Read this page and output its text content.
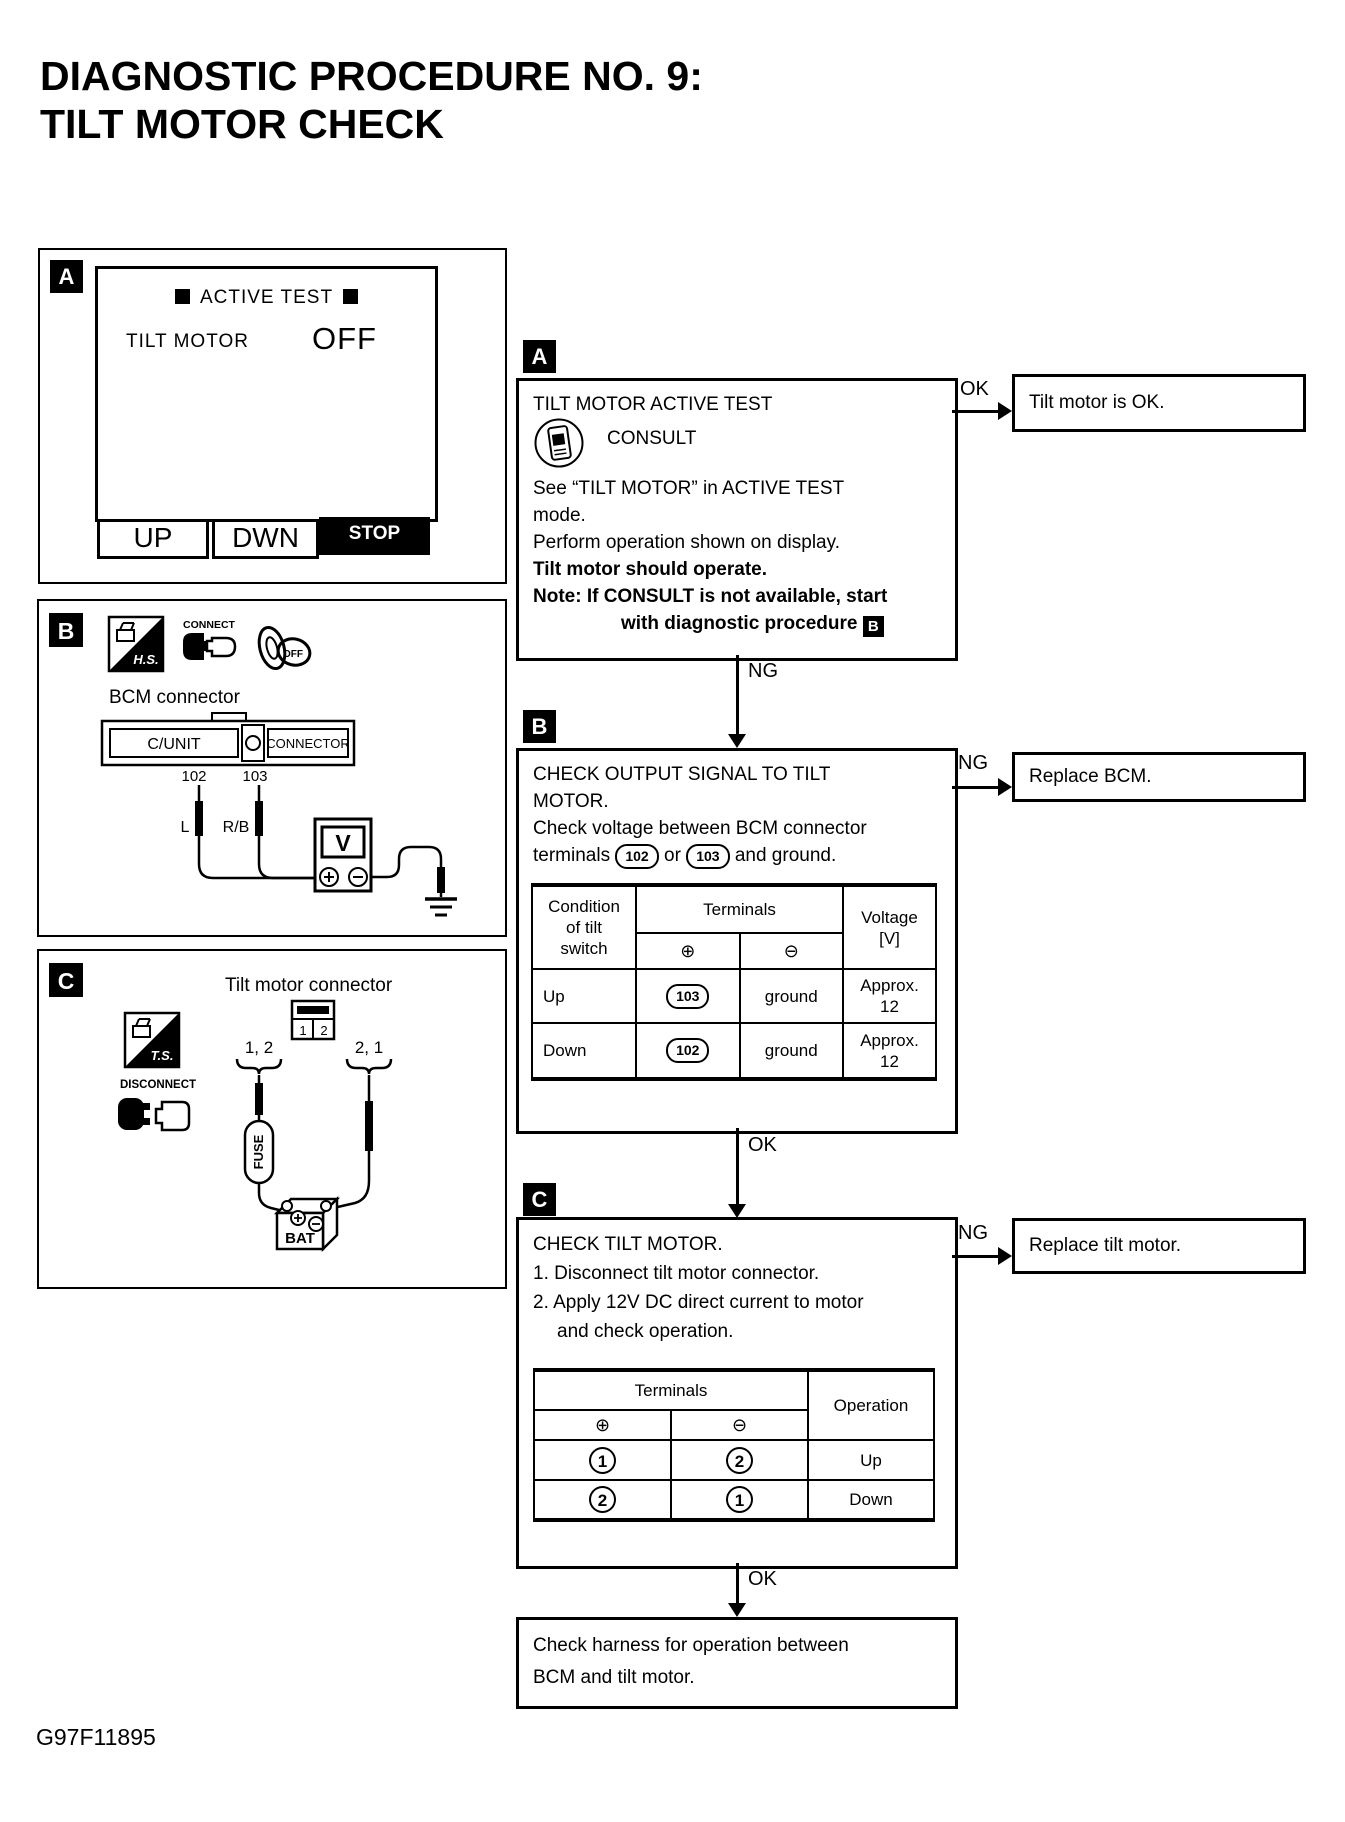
DIAGNOSTIC PROCEDURE NO. 9:
TILT MOTOR CHECK
A
ACTIVE TEST
TILT MOTOR OFF
UP	DWN	STOP
B
H.S.
CONNECT
OFF
BCM connector
C/UNIT	CONNECTOR
102 103
L R/B
V
C	Tilt motor connector
1 2
1, 2	2, 1
FUSE
BAT
T.S.
DISCONNECT
A
TILT MOTOR ACTIVE TEST
CONSULT
See “TILT MOTOR” in ACTIVE TEST
mode.
Perform operation shown on display.
Tilt motor should operate.
Note: If CONSULT is not available, start
with diagnostic procedure B
OK
Tilt motor is OK.
NG
B
CHECK OUTPUT SIGNAL TO TILT
MOTOR.
Check voltage between BCM connector
terminals 102 or 103 and ground.
Condition
of tilt
switch	Terminals		Voltage
[V]

	⊕	⊖	
Up	103	ground	Approx.
12

Down	102	ground	Approx.
12
NG
Replace BCM.
OK
C
CHECK TILT MOTOR.
1. Disconnect tilt motor connector.
2. Apply 12V DC direct current to motor
and check operation.
Terminals		Operation
⊕	⊖	
1	2	Up
2	1	Down
NG
Replace tilt motor.
OK
Check harness for operation between
BCM and tilt motor.
G97F11895
